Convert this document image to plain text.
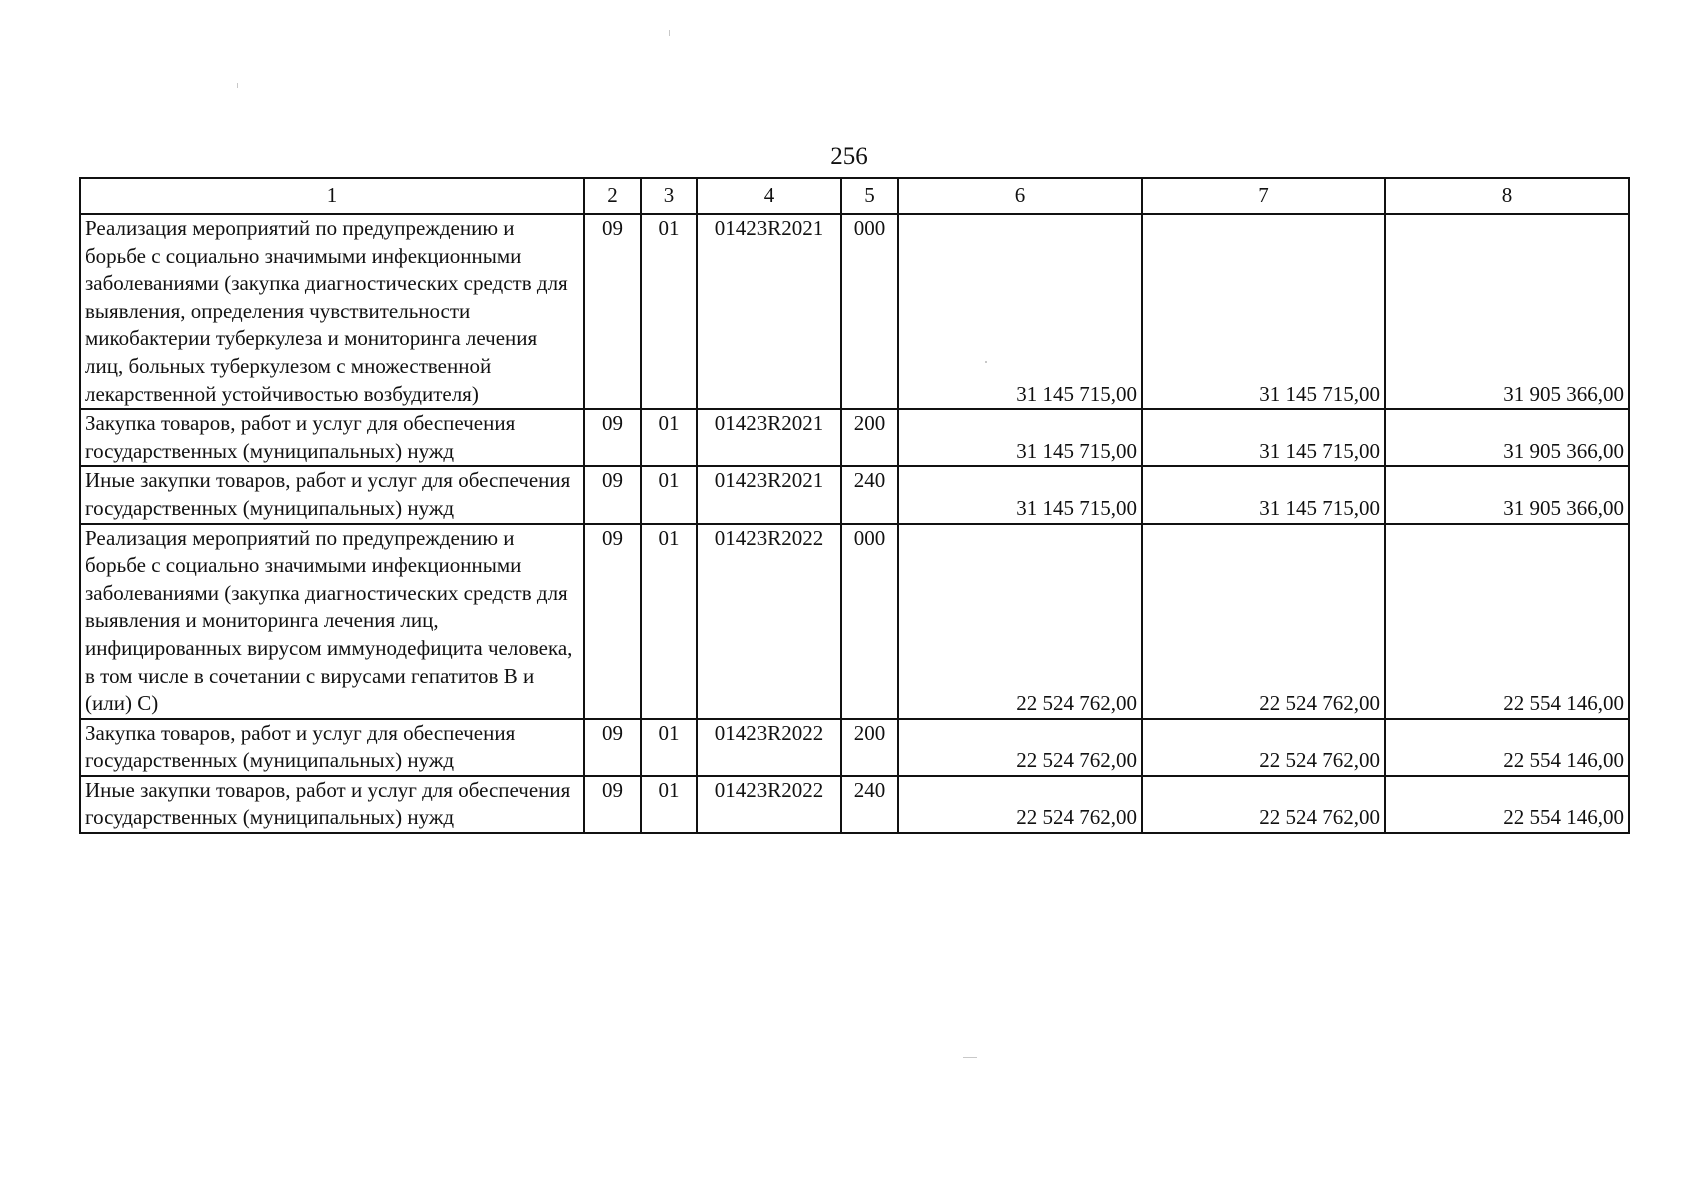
256
1	2	3	4	5	6	7	8
Реализация мероприятий по предупреждению и борьбе с социально значимыми инфекционными заболеваниями (закупка диагностических средств для выявления, определения чувствительности микобактерии туберкулеза и мониторинга лечения лиц, больных туберкулезом с множественной лекарственной устойчивостью возбудителя)	09	01	01423R2021	000	31 145 715,00	31 145 715,00	31 905 366,00
Закупка товаров, работ и услуг для обеспечения государственных (муниципальных) нужд	09	01	01423R2021	200	31 145 715,00	31 145 715,00	31 905 366,00
Иные закупки товаров, работ и услуг для обеспечения государственных (муниципальных) нужд	09	01	01423R2021	240	31 145 715,00	31 145 715,00	31 905 366,00
Реализация мероприятий по предупреждению и борьбе с социально значимыми инфекционными заболеваниями (закупка диагностических средств для выявления и мониторинга лечения лиц, инфицированных вирусом иммунодефицита человека, в том числе в сочетании с вирусами гепатитов В и (или) С)	09	01	01423R2022	000	22 524 762,00	22 524 762,00	22 554 146,00
Закупка товаров, работ и услуг для обеспечения государственных (муниципальных) нужд	09	01	01423R2022	200	22 524 762,00	22 524 762,00	22 554 146,00
Иные закупки товаров, работ и услуг для обеспечения государственных (муниципальных) нужд	09	01	01423R2022	240	22 524 762,00	22 524 762,00	22 554 146,00
